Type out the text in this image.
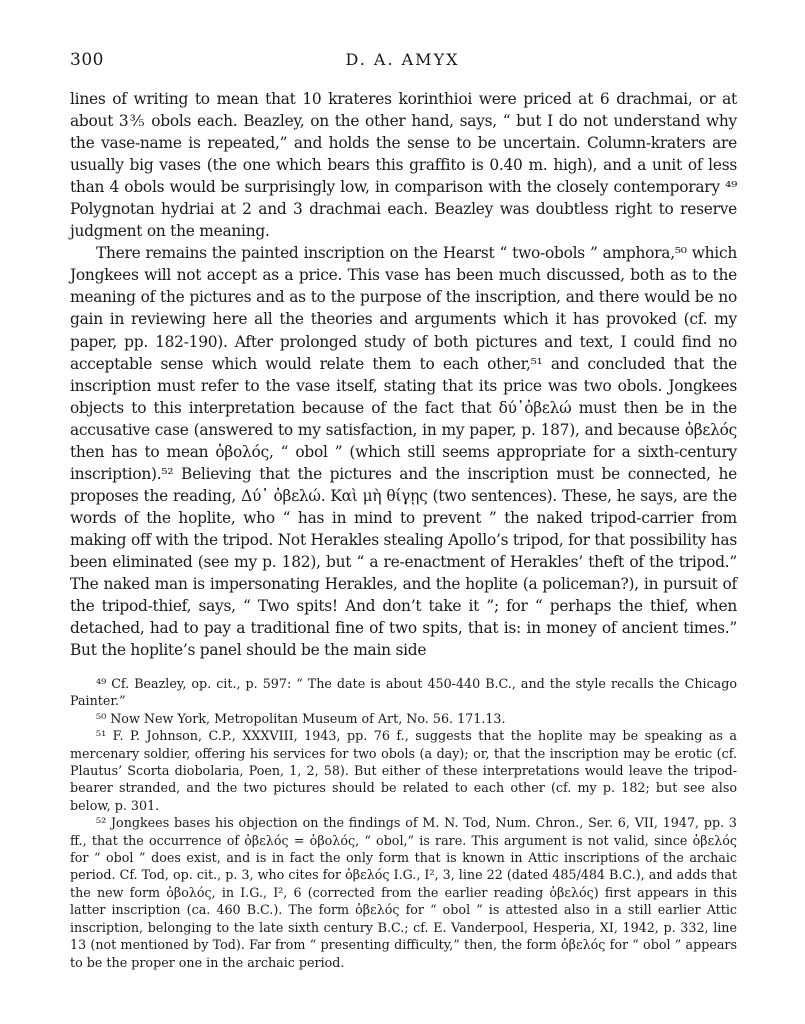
300	D. A. AMYX

lines of writing to mean that 10 krateres korinthioi were priced at 6 drachmai, or at about 3⅗ obols each. Beazley, on the other hand, says, “ but I do not understand why the vase-name is repeated,” and holds the sense to be uncertain. Column-kraters are usually big vases (the one which bears this graffito is 0.40 m. high), and a unit of less than 4 obols would be surprisingly low, in comparison with the closely contemporary ⁴⁹ Polygnotan hydriai at 2 and 3 drachmai each. Beazley was doubtless right to reserve judgment on the meaning.

There remains the painted inscription on the Hearst “ two-obols ” amphora,⁵⁰ which Jongkees will not accept as a price. This vase has been much discussed, both as to the meaning of the pictures and as to the purpose of the inscription, and there would be no gain in reviewing here all the theories and arguments which it has provoked (cf. my paper, pp. 182-190). After prolonged study of both pictures and text, I could find no acceptable sense which would relate them to each other,⁵¹ and concluded that the inscription must refer to the vase itself, stating that its price was two obols. Jongkees objects to this interpretation because of the fact that δύ᾽ὀβελώ must then be in the accusative case (answered to my satisfaction, in my paper, p. 187), and because ὀβελός then has to mean ὀβολός, “ obol ” (which still seems appropriate for a sixth-century inscription).⁵² Believing that the pictures and the inscription must be connected, he proposes the reading, Δύ᾽ ὀβελώ. Καὶ μὴ θίγῃς (two sentences). These, he says, are the words of the hoplite, who “ has in mind to prevent ” the naked tripod-carrier from making off with the tripod. Not Herakles stealing Apollo’s tripod, for that possibility has been eliminated (see my p. 182), but “ a re-enactment of Herakles’ theft of the tripod.” The naked man is impersonating Herakles, and the hoplite (a policeman?), in pursuit of the tripod-thief, says, “ Two spits! And don’t take it ”; for “ perhaps the thief, when detached, had to pay a traditional fine of two spits, that is: in money of ancient times.” But the hoplite’s panel should be the main side

⁴⁹ Cf. Beazley, op. cit., p. 597: “ The date is about 450-440 B.C., and the style recalls the Chicago Painter.”

⁵⁰ Now New York, Metropolitan Museum of Art, No. 56. 171.13.

⁵¹ F. P. Johnson, C.P., XXXVIII, 1943, pp. 76 f., suggests that the hoplite may be speaking as a mercenary soldier, offering his services for two obols (a day); or, that the inscription may be erotic (cf. Plautus’ Scorta diobolaria, Poen, 1, 2, 58). But either of these interpretations would leave the tripod-bearer stranded, and the two pictures should be related to each other (cf. my p. 182; but see also below, p. 301.

⁵² Jongkees bases his objection on the findings of M. N. Tod, Num. Chron., Ser. 6, VII, 1947, pp. 3 ff., that the occurrence of ὀβελός = ὀβολός, “ obol,” is rare. This argument is not valid, since ὀβελός for “ obol ” does exist, and is in fact the only form that is known in Attic inscriptions of the archaic period. Cf. Tod, op. cit., p. 3, who cites for ὀβελός I.G., I², 3, line 22 (dated 485/484 B.C.), and adds that the new form ὀβολός, in I.G., I², 6 (corrected from the earlier reading ὀβελός) first appears in this latter inscription (ca. 460 B.C.). The form ὀβελός for “ obol ” is attested also in a still earlier Attic inscription, belonging to the late sixth century B.C.; cf. E. Vanderpool, Hesperia, XI, 1942, p. 332, line 13 (not mentioned by Tod). Far from “ presenting difficulty,” then, the form ὀβελός for “ obol ” appears to be the proper one in the archaic period.
